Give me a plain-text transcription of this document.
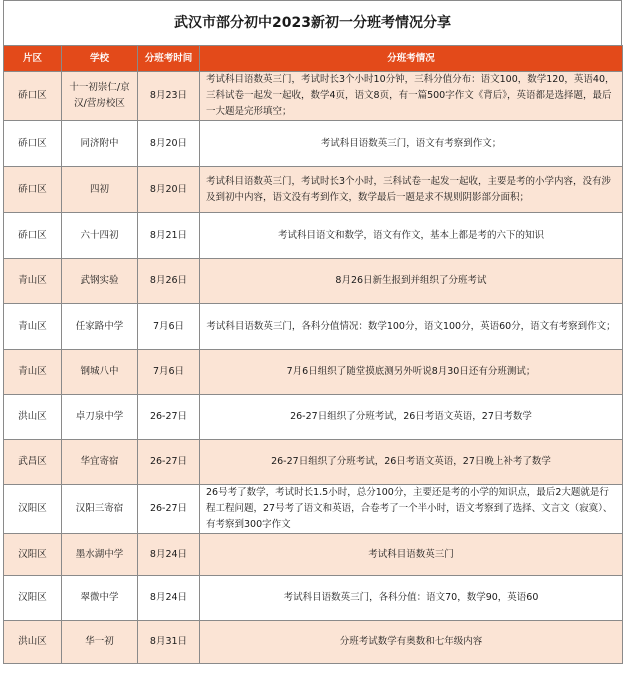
武汉市部分初中2023新初一分班考情况分享
片区	学校	分班考时间	分班考情况
硚口区	十一初崇仁/京汉/营房校区	8月23日	考试科目语数英三门，考试时长3个小时10分钟，三科分值分布：语文100，数学120，英语40，三科试卷一起发一起收，数学4页，语文8页，有一篇500字作文《背后》，英语都是选择题，最后一大题是完形填空；
硚口区	同济附中	8月20日	考试科目语数英三门，语文有考察到作文；
硚口区	四初	8月20日	考试科目语数英三门，考试时长3个小时，三科试卷一起发一起收，主要是考的小学内容，没有涉及到初中内容，语文没有考到作文，数学最后一题是求不规则阴影部分面积；
硚口区	六十四初	8月21日	考试科目语文和数学，语文有作文，基本上都是考的六下的知识
青山区	武钢实验	8月26日	8月26日新生报到并组织了分班考试
青山区	任家路中学	7月6日	考试科目语数英三门，各科分值情况：数学100分，语文100分，英语60分，语文有考察到作文；
青山区	钢城八中	7月6日	7月6日组织了随堂摸底测另外听说8月30日还有分班测试；
洪山区	卓刀泉中学	26-27日	26-27日组织了分班考试，26日考语文英语，27日考数学
武昌区	华宜寄宿	26-27日	26-27日组织了分班考试，26日考语文英语，27日晚上补考了数学
汉阳区	汉阳三寄宿	26-27日	26号考了数学，考试时长1.5小时，总分100分，主要还是考的小学的知识点，最后2大题就是行程工程问题，27号考了语文和英语，合卷考了一个半小时，语文考察到了选择、文言文（寂寞）、有考察到300字作文
汉阳区	墨水湖中学	8月24日	考试科目语数英三门
汉阳区	翠微中学	8月24日	考试科目语数英三门，各科分值：语文70，数学90，英语60
洪山区	华一初	8月31日	分班考试数学有奥数和七年级内容
